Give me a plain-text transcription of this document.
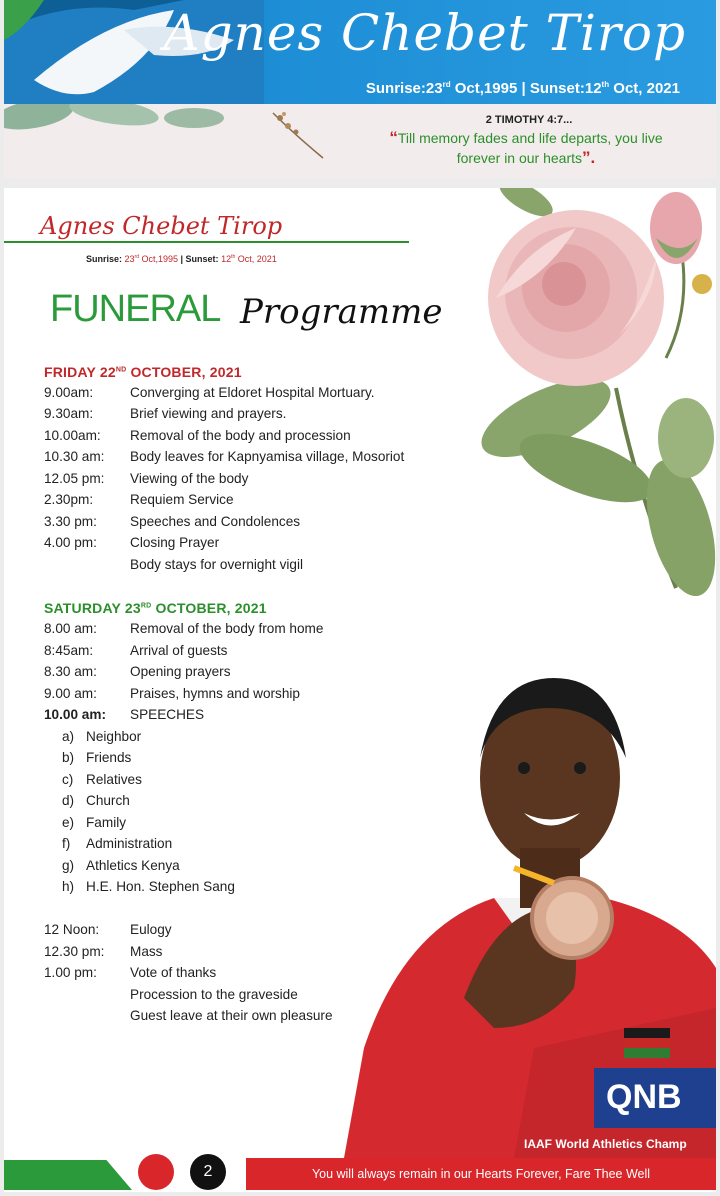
Agnes Chebet Tirop
Sunrise:23rd Oct,1995 | Sunset:12th Oct, 2021
2 TIMOTHY 4:7...
“Till memory fades and life departs, you live forever in our hearts”.
Agnes Chebet Tirop
Sunrise: 23rd Oct,1995 | Sunset: 12th Oct, 2021
FUNERAL Programme
FRIDAY 22ND OCTOBER, 2021
9.00am:	Converging at Eldoret Hospital Mortuary.
9.30am:	Brief viewing and prayers.
10.00am: Removal of the body and procession
10.30 am: Body leaves for Kapnyamisa village, Mosoriot
12.05 pm: Viewing of the body
2.30pm:	Requiem Service
3.30 pm: Speeches and Condolences
4.00 pm: Closing Prayer
Body stays for overnight vigil
SATURDAY 23RD OCTOBER, 2021
8.00 am: Removal of the body from home
8:45am:	Arrival of guests
8.30 am: Opening prayers
9.00 am: Praises, hymns and worship
10.00 am: SPEECHES
a) Neighbor
b) Friends
c) Relatives
d) Church
e) Family
f) Administration
g) Athletics Kenya
h) H.E. Hon. Stephen Sang
12 Noon: Eulogy
12.30 pm: Mass
1.00 pm: Vote of thanks
Procession to the graveside
Guest leave at their own pleasure
QNB
IAAF World Athletics Champ
2	You will always remain in our Hearts Forever, Fare Thee Well
